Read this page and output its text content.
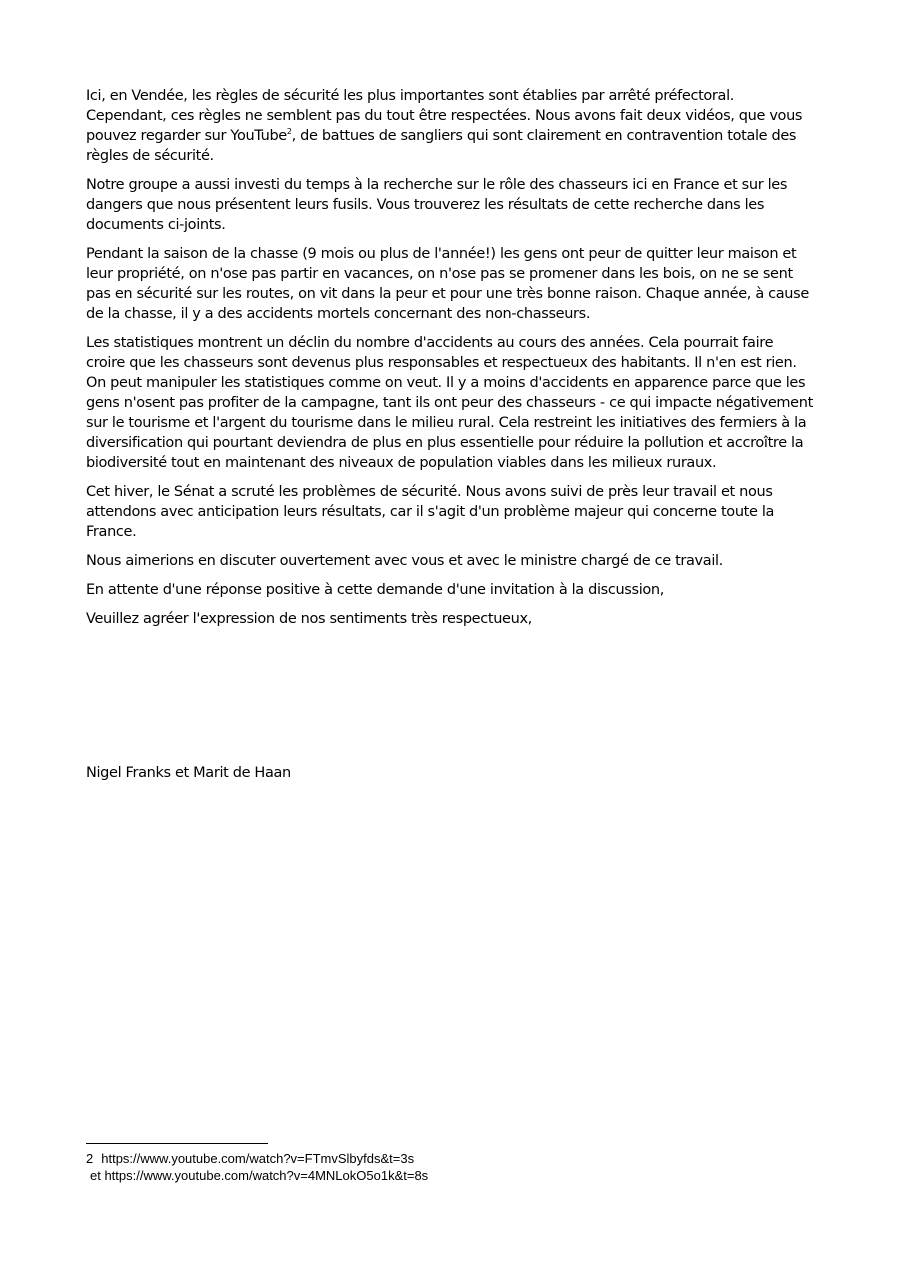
Ici, en Vendée, les règles de sécurité les plus importantes sont établies par arrêté préfectoral. Cependant, ces règles ne semblent pas du tout être respectées. Nous avons fait deux vidéos, que vous pouvez regarder sur YouTube$^2$, de battues de sangliers qui sont clairement en contravention totale des règles de sécurité.

Notre groupe a aussi investi du temps à la recherche sur le rôle des chasseurs ici en France et sur les dangers que nous présentent leurs fusils. Vous trouverez les résultats de cette recherche dans les documents ci-joints.

Pendant la saison de la chasse (9 mois ou plus de l'année!) les gens ont peur de quitter leur maison et leur propriété, on n'ose pas partir en vacances, on n'ose pas se promener dans les bois, on ne se sent pas en sécurité sur les routes, on vit dans la peur et pour une très bonne raison. Chaque année, à cause de la chasse, il y a des accidents mortels concernant des non-chasseurs.

Les statistiques montrent un déclin du nombre d'accidents au cours des années. Cela pourrait faire croire que les chasseurs sont devenus plus responsables et respectueux des habitants. Il n'en est rien. On peut manipuler les statistiques comme on veut. Il y a moins d'accidents en apparence parce que les gens n'osent pas profiter de la campagne, tant ils ont peur des chasseurs - ce qui impacte négativement sur le tourisme et l'argent du tourisme dans le milieu rural. Cela restreint les initiatives des fermiers à la diversification qui pourtant deviendra de plus en plus essentielle pour réduire la pollution et accroître la biodiversité tout en maintenant des niveaux de population viables dans les milieux ruraux.

Cet hiver, le Sénat a scruté les problèmes de sécurité. Nous avons suivi de près leur travail et nous attendons avec anticipation leurs résultats, car il s'agit d'un problème majeur qui concerne toute la France.

Nous aimerions en discuter ouvertement avec vous et avec le ministre chargé de ce travail.

En attente d'une réponse positive à cette demande d'une invitation à la discussion,

Veuillez agréer l'expression de nos sentiments très respectueux,

Nigel Franks et Marit de Haan
2 https://www.youtube.com/watch?v=FTmvSlbyfds&t=3s
et https://www.youtube.com/watch?v=4MNLokO5o1k&t=8s
